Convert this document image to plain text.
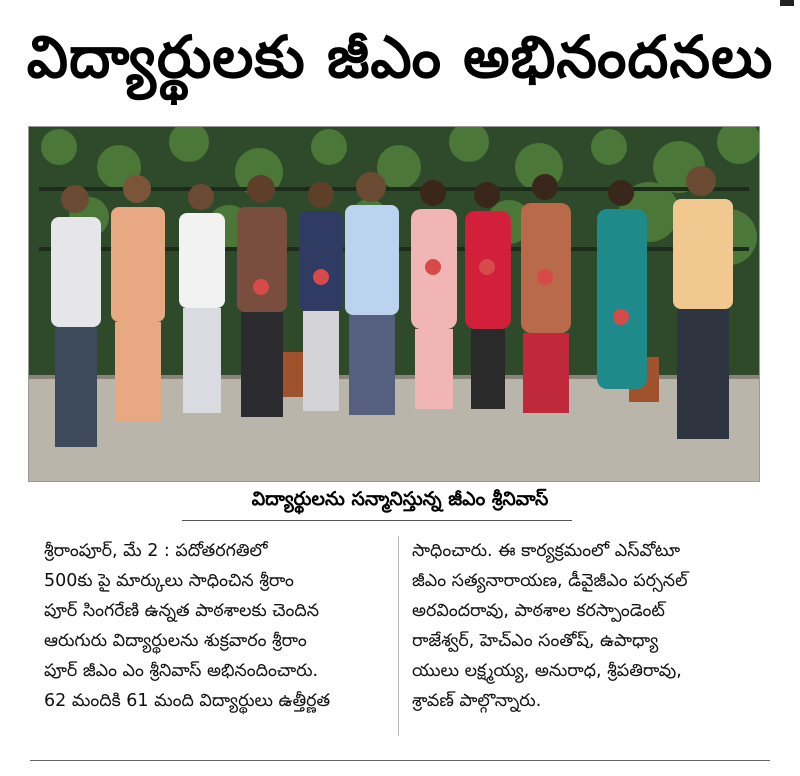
విద్యార్థులకు జీఎం అభినందనలు
విద్యార్థులను సన్మానిస్తున్న జీఎం శ్రీనివాస్
శ్రీరాంపూర్, మే 2 : పదోతరగతిలో
500కు పై మార్కులు సాధించిన శ్రీరాం
పూర్ సింగరేణి ఉన్నత పాఠశాలకు చెందిన
ఆరుగురు విద్యార్థులను శుక్రవారం శ్రీరాం
పూర్ జీఎం ఎం శ్రీనివాస్ అభినందించారు.
62 మందికి 61 మంది విద్యార్థులు ఉత్తీర్ణత
సాధించారు. ఈ కార్యక్రమంలో ఎస్‌వోటూ
జీఎం సత్యనారాయణ, డీవైజీఎం పర్సనల్
అరవిందరావు, పాఠశాల కరస్పాండెంట్
రాజేశ్వర్, హెచ్‌ఎం సంతోష్, ఉపాధ్యా
యులు లక్ష్మయ్య, అనురాధ, శ్రీపతిరావు,
శ్రావణ్ పాల్గొన్నారు.
